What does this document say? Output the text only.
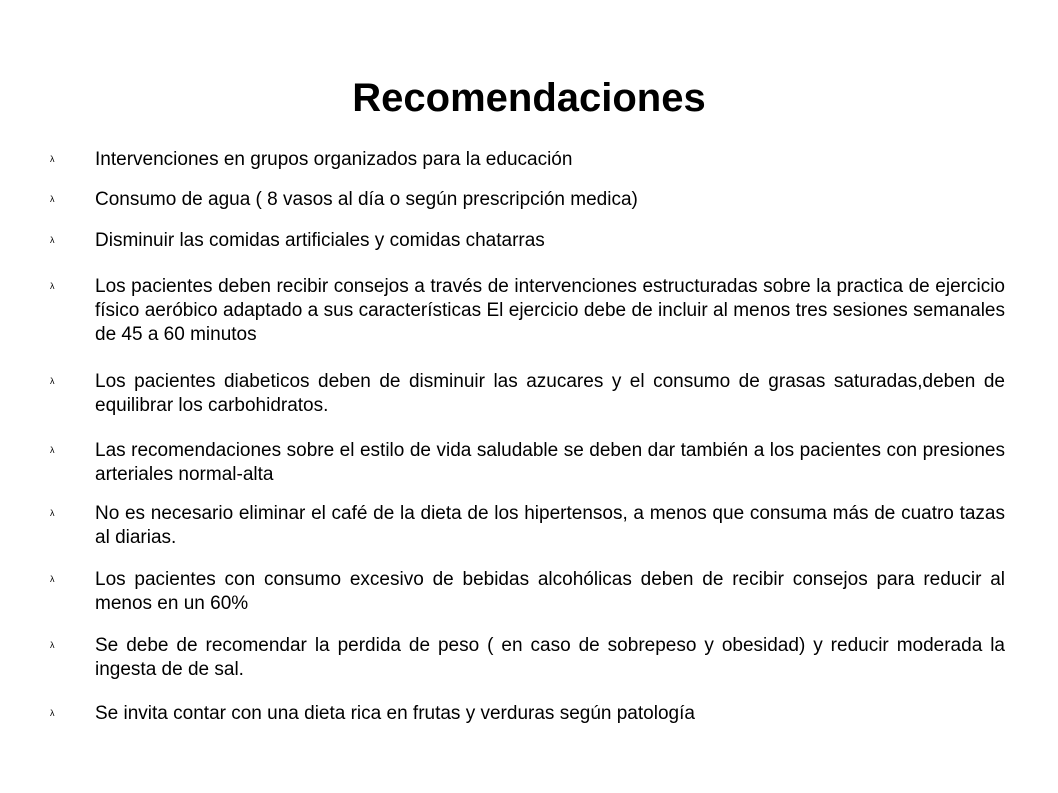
Recomendaciones
λ	Intervenciones en grupos organizados para la educación

λ	Consumo de agua ( 8 vasos al día o según prescripción medica)

λ	Disminuir las comidas artificiales y comidas chatarras

λ	Los pacientes deben recibir consejos a través de intervenciones estructuradas sobre la practica de ejercicio físico aeróbico adaptado a sus características El ejercicio debe de incluir al menos tres sesiones semanales de 45 a 60 minutos

λ	Los pacientes diabeticos deben de disminuir las azucares y el consumo de grasas saturadas,deben de equilibrar los carbohidratos.

λ	Las recomendaciones sobre el estilo de vida saludable se deben dar también a los pacientes con presiones arteriales normal-alta

λ	No es necesario eliminar el café de la dieta de los hipertensos, a menos que consuma más de cuatro tazas al diarias.

λ	Los pacientes con consumo excesivo de bebidas alcohólicas deben de recibir consejos para reducir al menos en un 60%

λ	Se debe de recomendar la perdida de peso ( en caso de sobrepeso y obesidad) y reducir moderada la ingesta de de sal.

λ	Se invita contar con una dieta rica en frutas y verduras según patología
